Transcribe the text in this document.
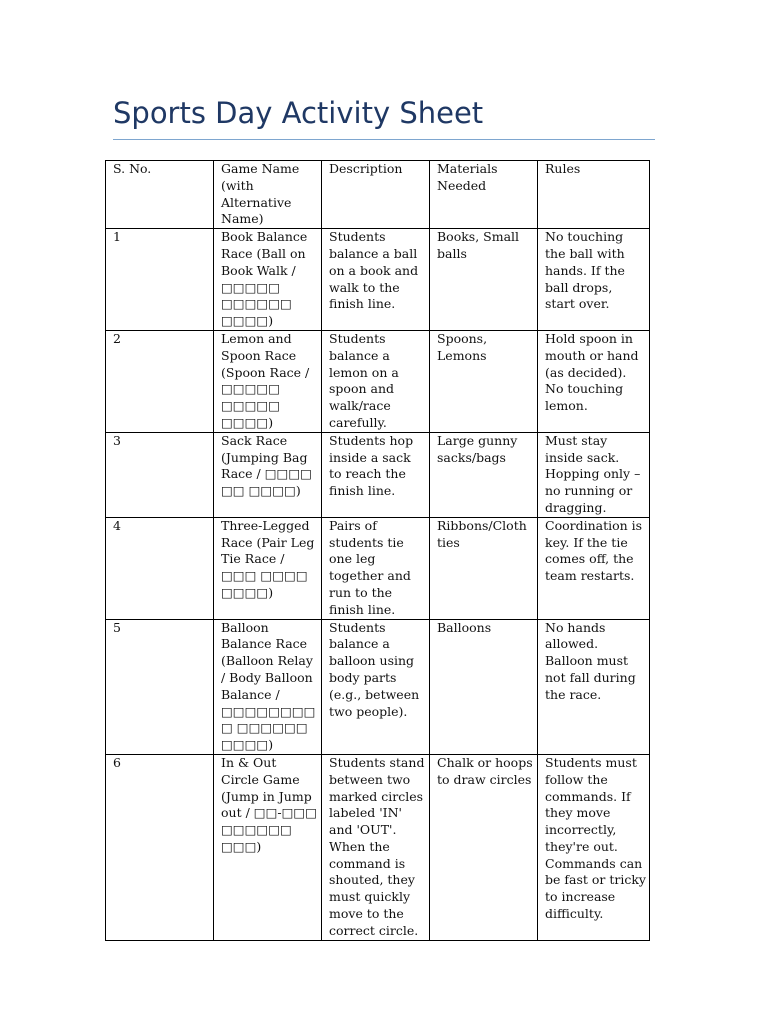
Sports Day Activity Sheet
S. No.	Game Name (with Alternative Name)	Description	Materials Needed	Rules

1	Book Balance Race (Ball on Book Walk / □□□□□ □□□□□□ □□□□)	Students balance a ball on a book and walk to the finish line.	Books, Small balls	No touching the ball with hands. If the ball drops, start over.

2	Lemon and Spoon Race (Spoon Race / □□□□□ □□□□□ □□□□)	Students balance a lemon on a spoon and walk/race carefully.	Spoons, Lemons	Hold spoon in mouth or hand (as decided). No touching lemon.

3	Sack Race (Jumping Bag Race / □□□□ □□ □□□□)	Students hop inside a sack to reach the finish line.	Large gunny sacks/bags	Must stay inside sack. Hopping only – no running or dragging.

4	Three-Legged Race (Pair Leg Tie Race / □□□ □□□□ □□□□)	Pairs of students tie one leg together and run to the finish line.	Ribbons/Cloth ties	Coordination is key. If the tie comes off, the team restarts.

5	Balloon Balance Race (Balloon Relay / Body Balloon Balance / □□□□□□□□□ □□□□□□ □□□□)	Students balance a balloon using body parts (e.g., between two people).	Balloons	No hands allowed. Balloon must not fall during the race.

6	In & Out Circle Game (Jump in Jump out / □□-□□□ □□□□□□ □□□)	Students stand between two marked circles labeled 'IN' and 'OUT'. When the command is shouted, they must quickly move to the correct circle.	Chalk or hoops to draw circles	Students must follow the commands. If they move incorrectly, they're out. Commands can be fast or tricky to increase difficulty.
